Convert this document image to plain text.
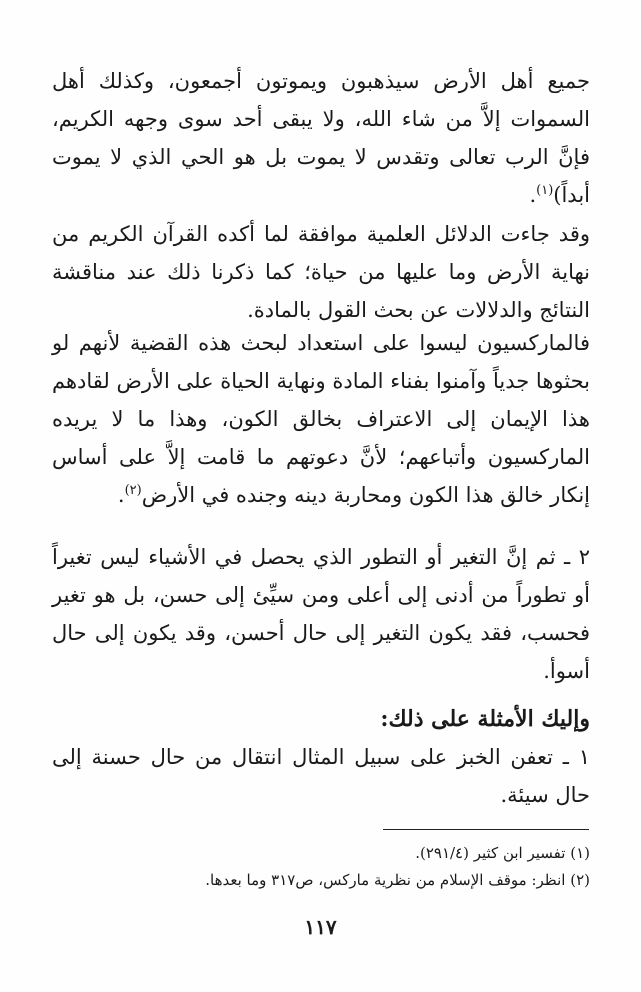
جميع أهل الأرض سيذهبون ويموتون أجمعون، وكذلك أهل السموات إلاَّ من شاء الله، ولا يبقى أحد سوى وجهه الكريم، فإنَّ الرب تعالى وتقدس لا يموت بل هو الحي الذي لا يموت أبداً)$^{(١)}$.

وقد جاءت الدلائل العلمية موافقة لما أكده القرآن الكريم من نهاية الأرض وما عليها من حياة؛ كما ذكرنا ذلك عند مناقشة النتائج والدلالات عن بحث القول بالمادة.

فالماركسيون ليسوا على استعداد لبحث هذه القضية لأنهم لو بحثوها جدياً وآمنوا بفناء المادة ونهاية الحياة على الأرض لقادهم هذا الإيمان إلى الاعتراف بخالق الكون، وهذا ما لا يريده الماركسيون وأتباعهم؛ لأنَّ دعوتهم ما قامت إلاَّ على أساس إنكار خالق هذا الكون ومحاربة دينه وجنده في الأرض$^{(٢)}$.

٢ ـ ثم إنَّ التغير أو التطور الذي يحصل في الأشياء ليس تغيراً أو تطوراً من أدنى إلى أعلى ومن سيِّئ إلى حسن، بل هو تغير فحسب، فقد يكون التغير إلى حال أحسن، وقد يكون إلى حال أسوأ.

وإليك الأمثلة على ذلك:

١ ـ تعفن الخبز على سبيل المثال انتقال من حال حسنة إلى حال سيئة.

(١) تفسير ابن كثير (٢٩١/٤).

(٢) انظر: موقف الإسلام من نظرية ماركس، ص٣١٧ وما بعدها.

١١٧
